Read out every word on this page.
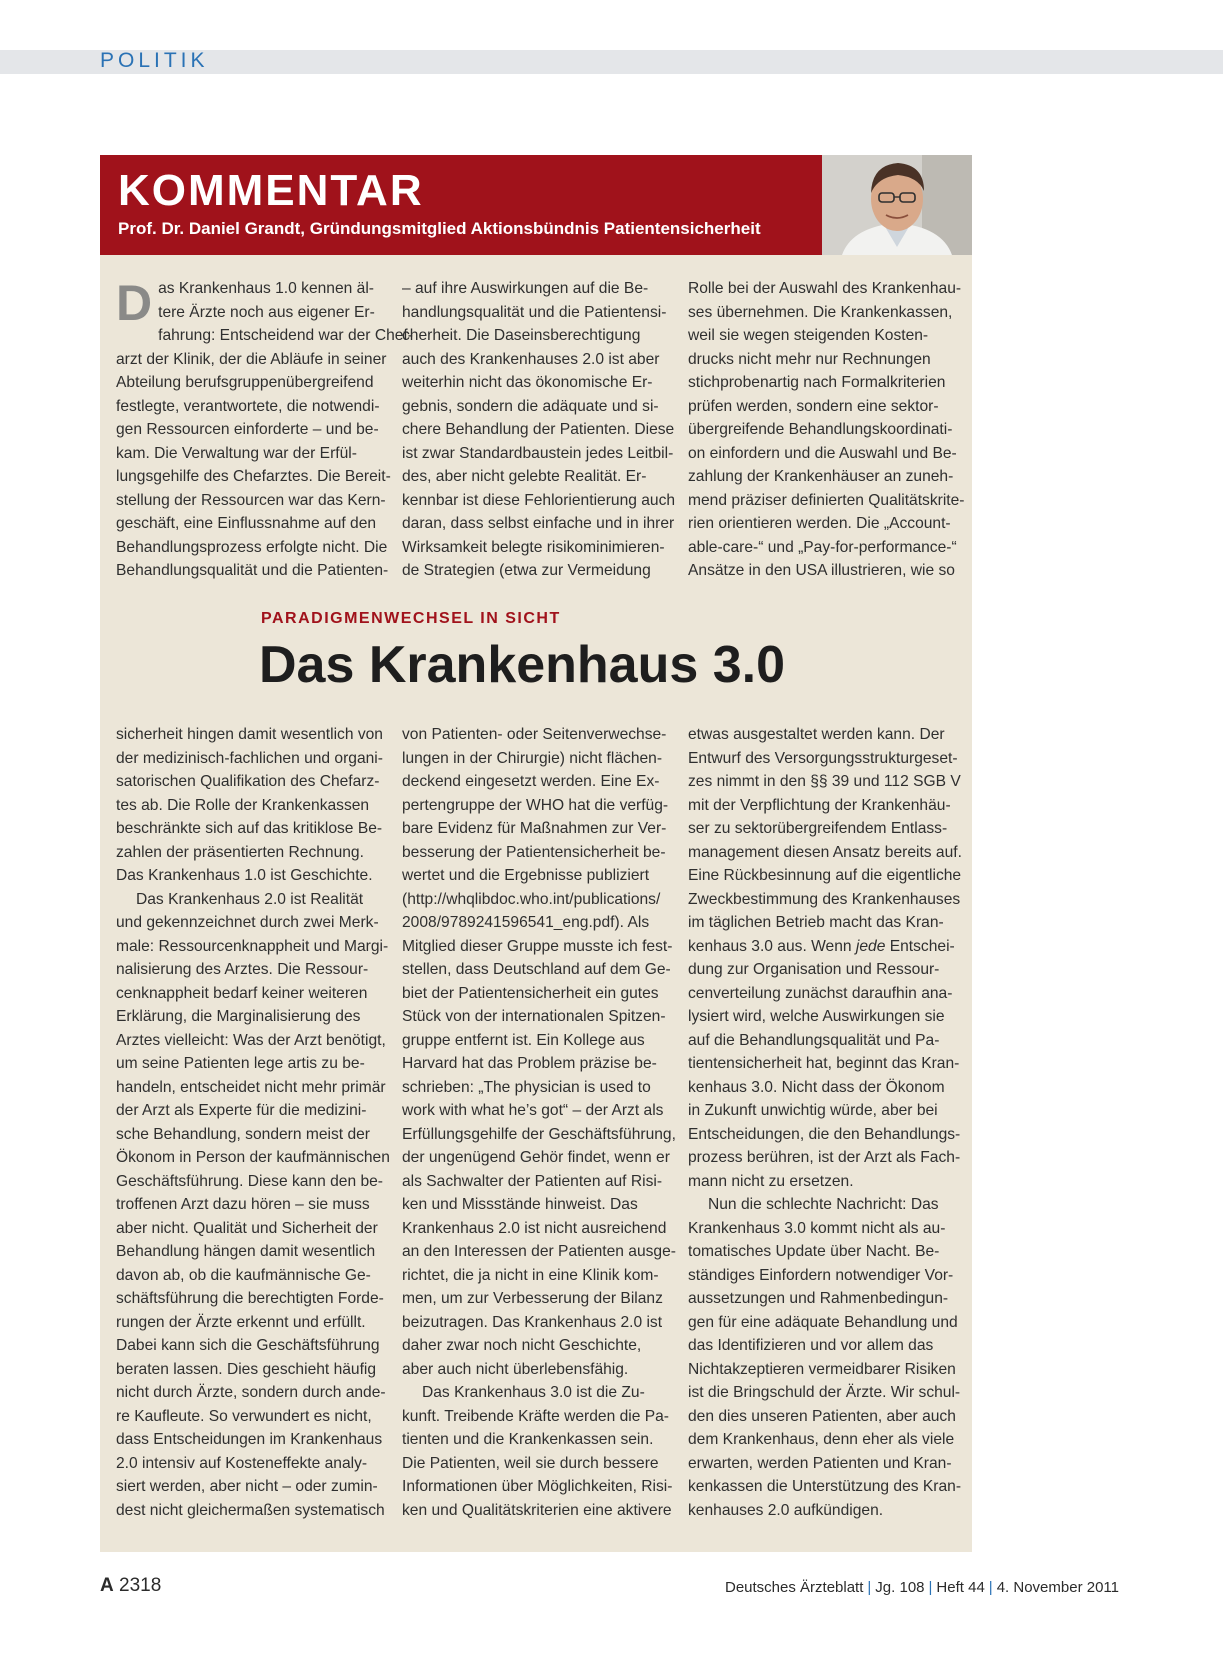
POLITIK
KOMMENTAR
Prof. Dr. Daniel Grandt, Gründungsmitglied Aktionsbündnis Patientensicherheit
D as Krankenhaus 1.0 kennen äl-
tere Ärzte noch aus eigener Er-
fahrung: Entscheidend war der Chef-
arzt der Klinik, der die Abläufe in seiner
Abteilung berufsgruppenübergreifend
festlegte, verantwortete, die notwendi-
gen Ressourcen einforderte – und be-
kam. Die Verwaltung war der Erfül-
lungsgehilfe des Chefarztes. Die Bereit-
stellung der Ressourcen war das Kern-
geschäft, eine Einflussnahme auf den
Behandlungsprozess erfolgte nicht. Die
Behandlungsqualität und die Patienten-

– auf ihre Auswirkungen auf die Be-
handlungsqualität und die Patientensi-
cherheit. Die Daseinsberechtigung
auch des Krankenhauses 2.0 ist aber
weiterhin nicht das ökonomische Er-
gebnis, sondern die adäquate und si-
chere Behandlung der Patienten. Diese
ist zwar Standardbaustein jedes Leitbil-
des, aber nicht gelebte Realität. Er-
kennbar ist diese Fehlorientierung auch
daran, dass selbst einfache und in ihrer
Wirksamkeit belegte risikominimieren-
de Strategien (etwa zur Vermeidung

Rolle bei der Auswahl des Krankenhau-
ses übernehmen. Die Krankenkassen,
weil sie wegen steigenden Kosten-
drucks nicht mehr nur Rechnungen
stichprobenartig nach Formalkriterien
prüfen werden, sondern eine sektor-
übergreifende Behandlungskoordinati-
on einfordern und die Auswahl und Be-
zahlung der Krankenhäuser an zuneh-
mend präziser definierten Qualitätskrite-
rien orientieren werden. Die „Account-
able-care-“ und „Pay-for-performance-“
Ansätze in den USA illustrieren, wie so

PARADIGMENWECHSEL IN SICHT
Das Krankenhaus 3.0

sicherheit hingen damit wesentlich von
der medizinisch-fachlichen und organi-
satorischen Qualifikation des Chefarz-
tes ab. Die Rolle der Krankenkassen
beschränkte sich auf das kritiklose Be-
zahlen der präsentierten Rechnung.
Das Krankenhaus 1.0 ist Geschichte.
Das Krankenhaus 2.0 ist Realität
und gekennzeichnet durch zwei Merk-
male: Ressourcenknappheit und Margi-
nalisierung des Arztes. Die Ressour-
cenknappheit bedarf keiner weiteren
Erklärung, die Marginalisierung des
Arztes vielleicht: Was der Arzt benötigt,
um seine Patienten lege artis zu be-
handeln, entscheidet nicht mehr primär
der Arzt als Experte für die medizini-
sche Behandlung, sondern meist der
Ökonom in Person der kaufmännischen
Geschäftsführung. Diese kann den be-
troffenen Arzt dazu hören – sie muss
aber nicht. Qualität und Sicherheit der
Behandlung hängen damit wesentlich
davon ab, ob die kaufmännische Ge-
schäftsführung die berechtigten Forde-
rungen der Ärzte erkennt und erfüllt.
Dabei kann sich die Geschäftsführung
beraten lassen. Dies geschieht häufig
nicht durch Ärzte, sondern durch ande-
re Kaufleute. So verwundert es nicht,
dass Entscheidungen im Krankenhaus
2.0 intensiv auf Kosteneffekte analy-
siert werden, aber nicht – oder zumin-
dest nicht gleichermaßen systematisch

von Patienten- oder Seitenverwechse-
lungen in der Chirurgie) nicht flächen-
deckend eingesetzt werden. Eine Ex-
pertengruppe der WHO hat die verfüg-
bare Evidenz für Maßnahmen zur Ver-
besserung der Patientensicherheit be-
wertet und die Ergebnisse publiziert
(http://whqlibdoc.who.int/publications/
2008/9789241596541_eng.pdf). Als
Mitglied dieser Gruppe musste ich fest-
stellen, dass Deutschland auf dem Ge-
biet der Patientensicherheit ein gutes
Stück von der internationalen Spitzen-
gruppe entfernt ist. Ein Kollege aus
Harvard hat das Problem präzise be-
schrieben: „The physician is used to
work with what he’s got“ – der Arzt als
Erfüllungsgehilfe der Geschäftsführung,
der ungenügend Gehör findet, wenn er
als Sachwalter der Patienten auf Risi-
ken und Missstände hinweist. Das
Krankenhaus 2.0 ist nicht ausreichend
an den Interessen der Patienten ausge-
richtet, die ja nicht in eine Klinik kom-
men, um zur Verbesserung der Bilanz
beizutragen. Das Krankenhaus 2.0 ist
daher zwar noch nicht Geschichte,
aber auch nicht überlebensfähig.
Das Krankenhaus 3.0 ist die Zu-
kunft. Treibende Kräfte werden die Pa-
tienten und die Krankenkassen sein.
Die Patienten, weil sie durch bessere
Informationen über Möglichkeiten, Risi-
ken und Qualitätskriterien eine aktivere

etwas ausgestaltet werden kann. Der
Entwurf des Versorgungsstrukturgeset-
zes nimmt in den §§ 39 und 112 SGB V
mit der Verpflichtung der Krankenhäu-
ser zu sektorübergreifendem Entlass-
management diesen Ansatz bereits auf.
Eine Rückbesinnung auf die eigentliche
Zweckbestimmung des Krankenhauses
im täglichen Betrieb macht das Kran-
kenhaus 3.0 aus. Wenn jede Entschei-
dung zur Organisation und Ressour-
cenverteilung zunächst daraufhin ana-
lysiert wird, welche Auswirkungen sie
auf die Behandlungsqualität und Pa-
tientensicherheit hat, beginnt das Kran-
kenhaus 3.0. Nicht dass der Ökonom
in Zukunft unwichtig würde, aber bei
Entscheidungen, die den Behandlungs-
prozess berühren, ist der Arzt als Fach-
mann nicht zu ersetzen.
Nun die schlechte Nachricht: Das
Krankenhaus 3.0 kommt nicht als au-
tomatisches Update über Nacht. Be-
ständiges Einfordern notwendiger Vor-
aussetzungen und Rahmenbedingun-
gen für eine adäquate Behandlung und
das Identifizieren und vor allem das
Nichtakzeptieren vermeidbarer Risiken
ist die Bringschuld der Ärzte. Wir schul-
den dies unseren Patienten, aber auch
dem Krankenhaus, denn eher als viele
erwarten, werden Patienten und Kran-
kenkassen die Unterstützung des Kran-
kenhauses 2.0 aufkündigen.

A 2318	Deutsches Ärzteblatt | Jg. 108 | Heft 44 | 4. November 2011
